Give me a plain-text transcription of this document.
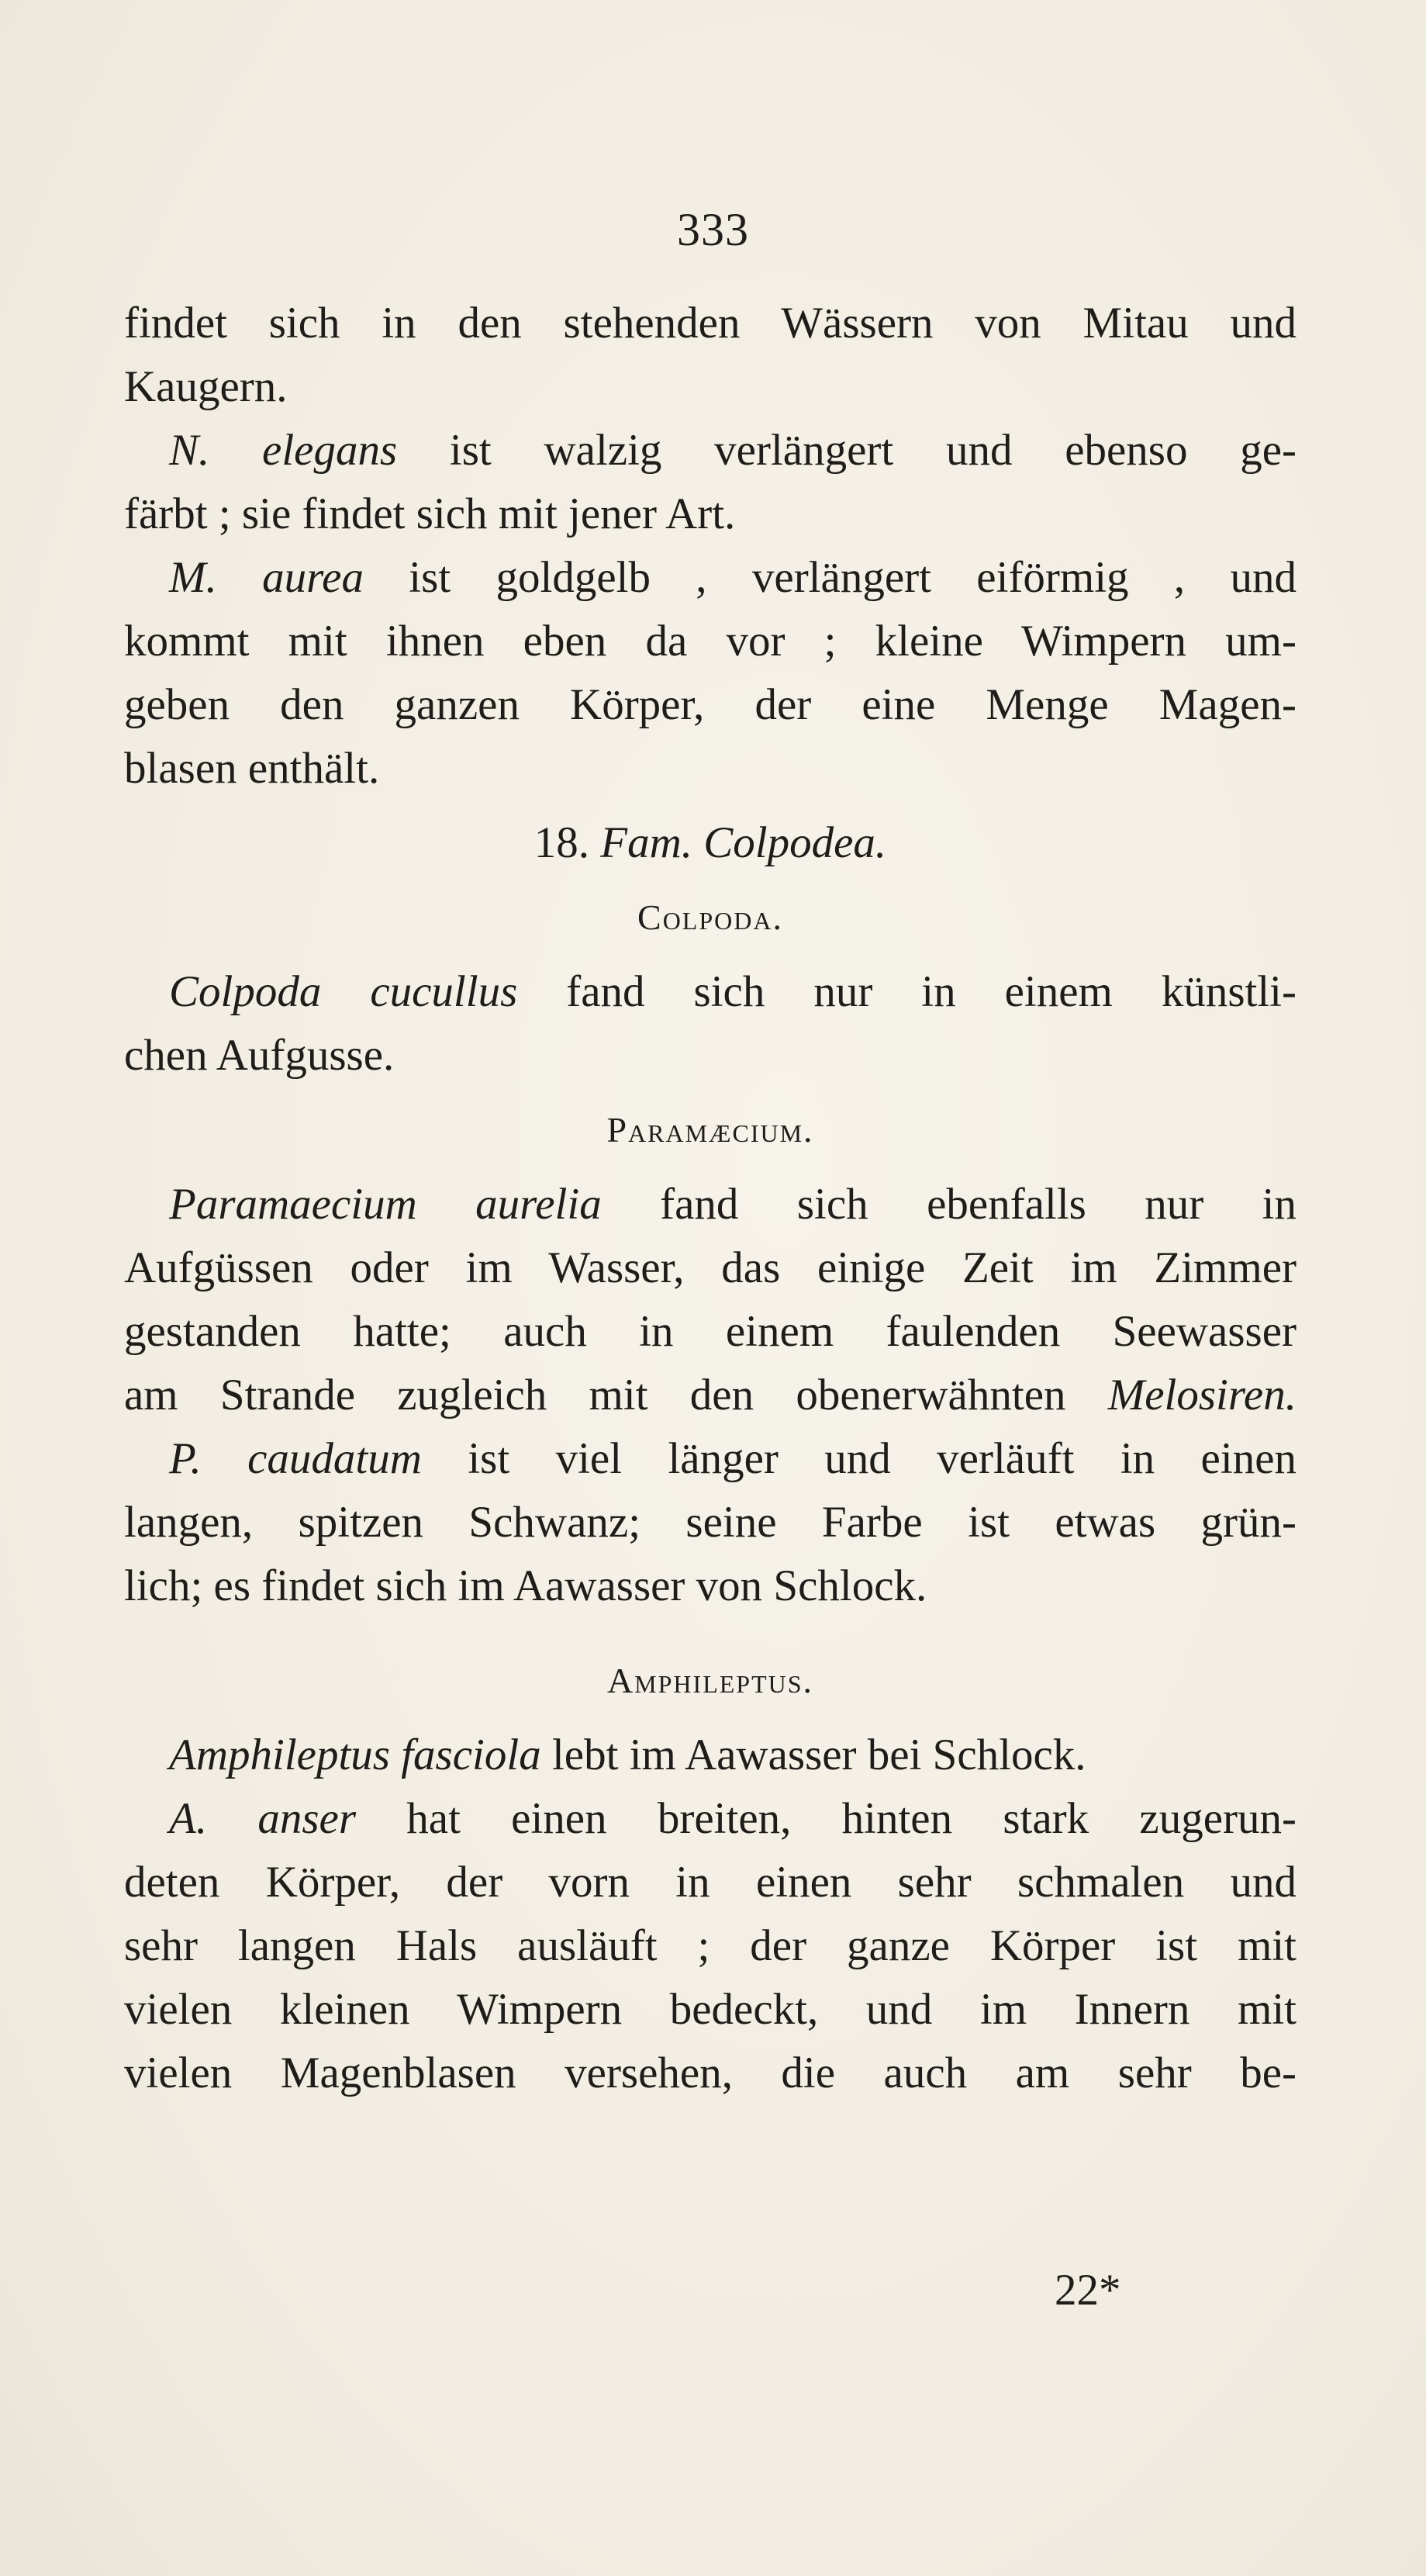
333
findet sich in den stehenden Wässern von Mitau und
Kaugern.
N. elegans ist walzig verlängert und ebenso ge-
färbt ; sie findet sich mit jener Art.
M. aurea ist goldgelb , verlängert eiförmig , und
kommt mit ihnen eben da vor ; kleine Wimpern um-
geben den ganzen Körper, der eine Menge Magen-
blasen enthält.
18. Fam. Colpodea.
Colpoda.
Colpoda cucullus fand sich nur in einem künstli-
chen Aufgusse.
Paramæcium.
Paramaecium aurelia fand sich ebenfalls nur in
Aufgüssen oder im Wasser, das einige Zeit im Zimmer
gestanden hatte; auch in einem faulenden Seewasser
am Strande zugleich mit den obenerwähnten Melosiren.
P. caudatum ist viel länger und verläuft in einen
langen, spitzen Schwanz; seine Farbe ist etwas grün-
lich; es findet sich im Aawasser von Schlock.
Amphileptus.
Amphileptus fasciola lebt im Aawasser bei Schlock.
A. anser hat einen breiten, hinten stark zugerun-
deten Körper, der vorn in einen sehr schmalen und
sehr langen Hals ausläuft ; der ganze Körper ist mit
vielen kleinen Wimpern bedeckt, und im Innern mit
vielen Magenblasen versehen, die auch am sehr be-
22*
